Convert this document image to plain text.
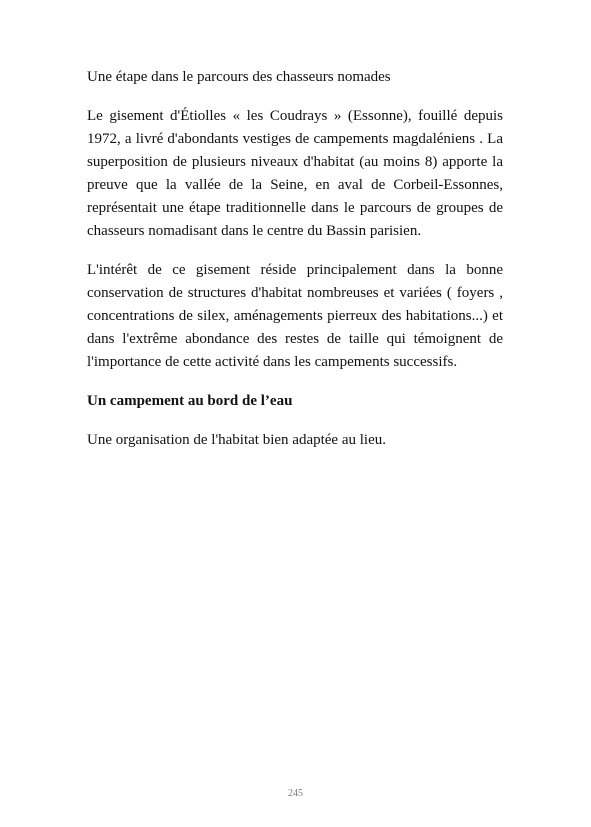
Une étape dans le parcours des chasseurs nomades

Le gisement d'Étiolles « les Coudrays » (Essonne), fouillé depuis 1972, a livré d'abondants vestiges de campements magdaléniens . La superposition de plusieurs niveaux d'habitat (au moins 8) apporte la preuve que la vallée de la Seine, en aval de Corbeil-Essonnes, représentait une étape traditionnelle dans le parcours de groupes de chasseurs nomadisant dans le centre du Bassin parisien.

L'intérêt de ce gisement réside principalement dans la bonne conservation de structures d'habitat nombreuses et variées ( foyers , concentrations de silex, aménagements pierreux des habitations...) et dans l'extrême abondance des restes de taille qui témoignent de l'importance de cette activité dans les campements successifs.

Un campement au bord de l’eau

Une organisation de l'habitat bien adaptée au lieu.

245
